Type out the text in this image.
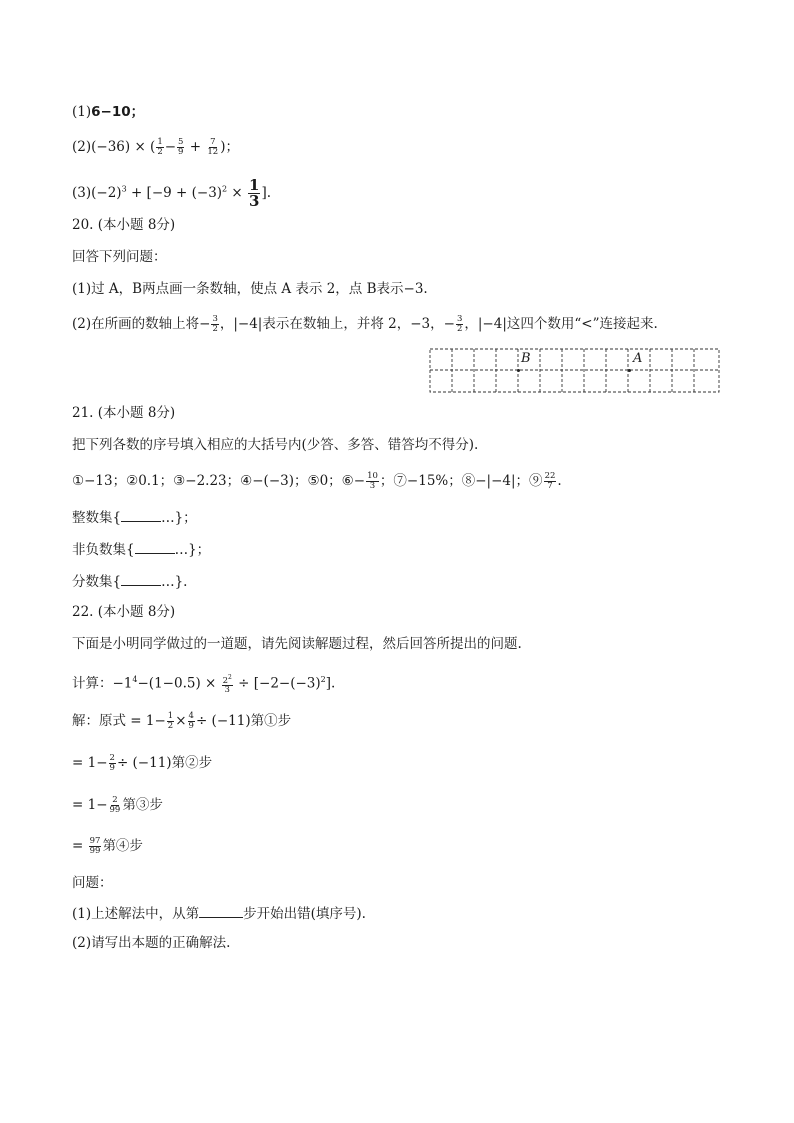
(1)6−10；
(2)(−36) × ( $\frac{1}{2} - \frac{5}{9} + \frac{7}{12}$ )；
$(3)(-2)^3 + [-9 + (-3)^2 \times \frac{1}{3}$ ].
20. (本小题 8分)
回答下列问题：
(1)过 A，B两点画一条数轴，使点 A 表示 2，点 B表示−3.
(2)在所画的数轴上将− $\frac{3}{2}$ ，|−4|表示在数轴上，并将 2，−3，− $\frac{3}{2}$ ，|−4|这四个数用“<”连接起来.
B	A
21. (本小题 8分)
把下列各数的序号填入相应的大括号内(少答、多答、错答均不得分).
①−13；②0.1；③−2.23；④−(−3)；⑤0；⑥− $\frac{10}{3}$ ；⑦−15%；⑧−|−4|；⑨ $\frac{22}{7}$ .
整数集{	…}；
非负数集{	…}；
分数集{	…}.
22. (本小题 8分)
下面是小明同学做过的一道题，请先阅读解题过程，然后回答所提出的问题.
计算：$-1^4-(1-0.5) \times \frac{2^2}{3} \div [-2-(-3)^2]$.
解：原式 = $1- \frac{1}{2} \times \frac{4}{9} \div (-11)$第①步
= $1- \frac{2}{9} \div (-11)$第②步
= $1- \frac{2}{99}$ 第③步
= $\frac{97}{99}$ 第④步
问题：
(1)上述解法中，从第	步开始出错(填序号).
(2)请写出本题的正确解法.
